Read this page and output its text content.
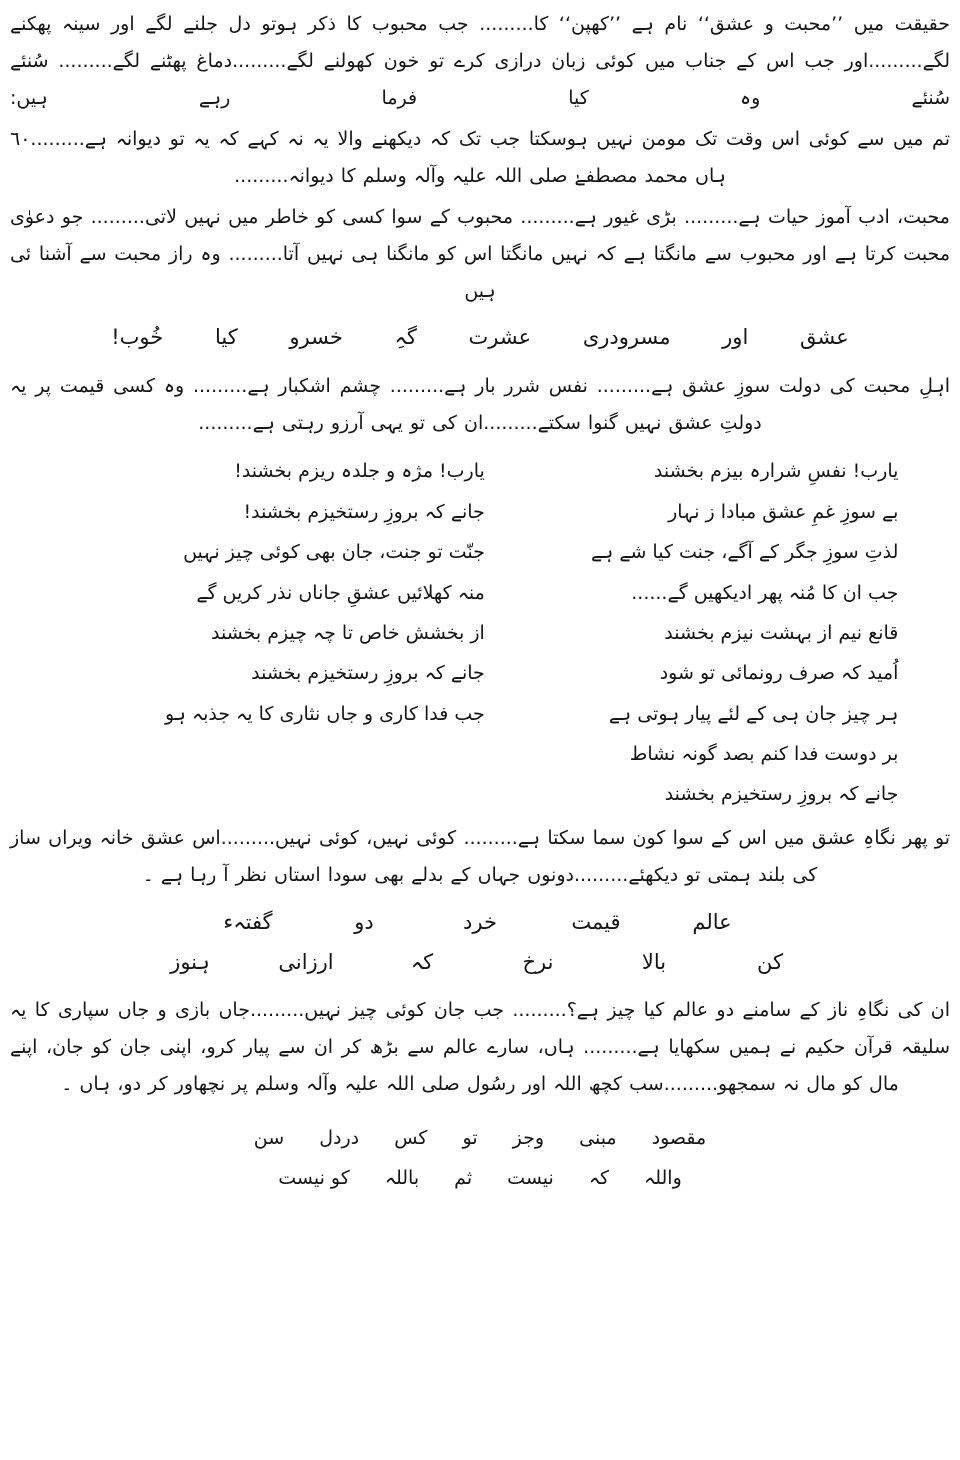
حقیقت میں ’’محبت و عشق‘‘ نام ہے ’’کھپن‘‘ کا......... جب محبوب کا ذکر ہوتو دل جلنے لگے اور سینہ پھکنے لگے.........اور جب اس کے جناب میں کوئی زبان درازی کرے تو خون کھولنے لگے.........دماغ پھٹنے لگے......... سُنئے سُنئے وہ کیا فرما رہے ہیں:

تم میں سے کوئی اس وقت تک مومن نہیں ہوسکتا جب تک کہ دیکھنے والا یہ نہ کہے کہ یہ تو دیوانہ ہے.........٦٠ ہاں محمد مصطفےٰ صلی اللہ علیہ وآلہ وسلم کا دیوانہ.........

محبت، ادب آموز حیات ہے......... بڑی غیور ہے......... محبوب کے سوا کسی کو خاطر میں نہیں لاتی......... جو دعوٰی محبت کرتا ہے اور محبوب سے مانگتا ہے کہ نہیں مانگتا اس کو مانگنا ہی نہیں آتا......... وہ راز محبت سے آشنا ئی ہیں

عشق اور مسرودری عشرت گہِ خسرو کیا خُوب!

اہلِ محبت کی دولت سوزِ عشق ہے......... نفس شرر بار ہے......... چشم اشکبار ہے......... وہ کسی قیمت پر یہ دولتِ عشق نہیں گنوا سکتے.........ان کی تو یہی آرزو رہتی ہے.........

یارب! نفسِ شرارہ بیزم بخشند
یارب! مژہ و جلدہ ریزم بخشند!
بے سوزِ غمِ عشق مبادا ز نہار
جانے کہ بروزِ رستخیزم بخشند!
لذتِ سوزِ جگر کے آگے، جنت کیا شے ہے
جنّت تو جنت، جان بھی کوئی چیز نہیں
جب ان کا مُنہ پھر ادیکھیں گے......
منہ کھلائیں عشقِ جاناں نذر کریں گے
قانع نیم از بہشت نیزم بخشند
از بخشش خاص تا چہ چیزم بخشند
اُمید کہ صرف رونمائی تو شود
جانے کہ بروزِ رستخیزم بخشند
ہر چیز جان ہی کے لئے پیار ہوتی ہے
جب فدا کاری و جاں نثاری کا یہ جذبہ ہو
بر دوست فدا کنم بصد گونہ نشاط
جانے کہ بروزِ رستخیزم بخشند

تو پھر نگاہِ عشق میں اس کے سوا کون سما سکتا ہے......... کوئی نہیں، کوئی نہیں.........اس عشق خانہ ویراں ساز کی بلند ہمتی تو دیکھئے.........دونوں جہاں کے بدلے بھی سودا استاں نظر آ رہا ہے ۔

عالم
قیمت
خرد
دو
گفتہء
کن
بالا
نرخ
کہ
ارزانی
ہنوز

ان کی نگاہِ ناز کے سامنے دو عالم کیا چیز ہے؟......... جب جان کوئی چیز نہیں.........جاں بازی و جاں سپاری کا یہ سلیقہ قرآن حکیم نے ہمیں سکھایا ہے......... ہاں، سارے عالم سے بڑھ کر ان سے پیار کرو، اپنی جان کو جان، اپنے مال کو مال نہ سمجھو.........سب کچھ اللہ اور رسُول صلی اللہ علیہ وآلہ وسلم پر نچھاور کر دو، ہاں ۔

مقصود مبنی وجز تو کس دردل سن
واللہ کہ نیست ثم باللہ کو نیست
